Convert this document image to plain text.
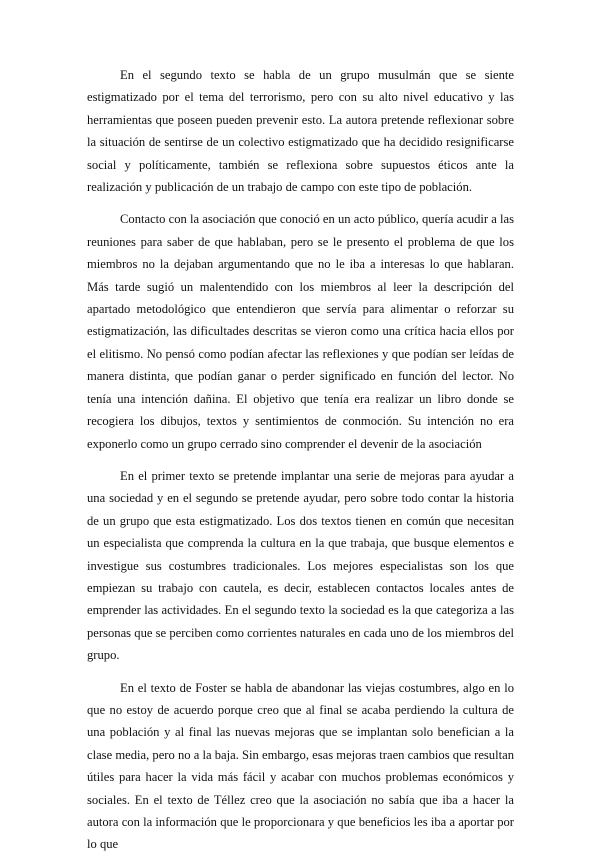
En el segundo texto se habla de un grupo musulmán que se siente estigmatizado por el tema del terrorismo, pero con su alto nivel educativo y las herramientas que poseen pueden prevenir esto. La autora pretende reflexionar sobre la situación de sentirse de un colectivo estigmatizado que ha decidido resignificarse social y políticamente, también se reflexiona sobre supuestos éticos ante la realización y publicación de un trabajo de campo con este tipo de población.

Contacto con la asociación que conoció en un acto público, quería acudir a las reuniones para saber de que hablaban, pero se le presento el problema de que los miembros no la dejaban argumentando que no le iba a interesas lo que hablaran. Más tarde sugió un malentendido con los miembros al leer la descripción del apartado metodológico que entendieron que servía para alimentar o reforzar su estigmatización, las dificultades descritas se vieron como una crítica hacia ellos por el elitismo. No pensó como podían afectar las reflexiones y que podían ser leídas de manera distinta, que podían ganar o perder significado en función del lector. No tenía una intención dañina. El objetivo que tenía era realizar un libro donde se recogiera los dibujos, textos y sentimientos de conmoción. Su intención no era exponerlo como un grupo cerrado sino comprender el devenir de la asociación

En el primer texto se pretende implantar una serie de mejoras para ayudar a una sociedad y en el segundo se pretende ayudar, pero sobre todo contar la historia de un grupo que esta estigmatizado. Los dos textos tienen en común que necesitan un especialista que comprenda la cultura en la que trabaja, que busque elementos e investigue sus costumbres tradicionales. Los mejores especialistas son los que empiezan su trabajo con cautela, es decir, establecen contactos locales antes de emprender las actividades. En el segundo texto la sociedad es la que categoriza a las personas que se perciben como corrientes naturales en cada uno de los miembros del grupo.

En el texto de Foster se habla de abandonar las viejas costumbres, algo en lo que no estoy de acuerdo porque creo que al final se acaba perdiendo la cultura de una población y al final las nuevas mejoras que se implantan solo benefician a la clase media, pero no a la baja. Sin embargo, esas mejoras traen cambios que resultan útiles para hacer la vida más fácil y acabar con muchos problemas económicos y sociales. En el texto de Téllez creo que la asociación no sabía que iba a hacer la autora con la información que le proporcionara y que beneficios les iba a aportar por lo que
